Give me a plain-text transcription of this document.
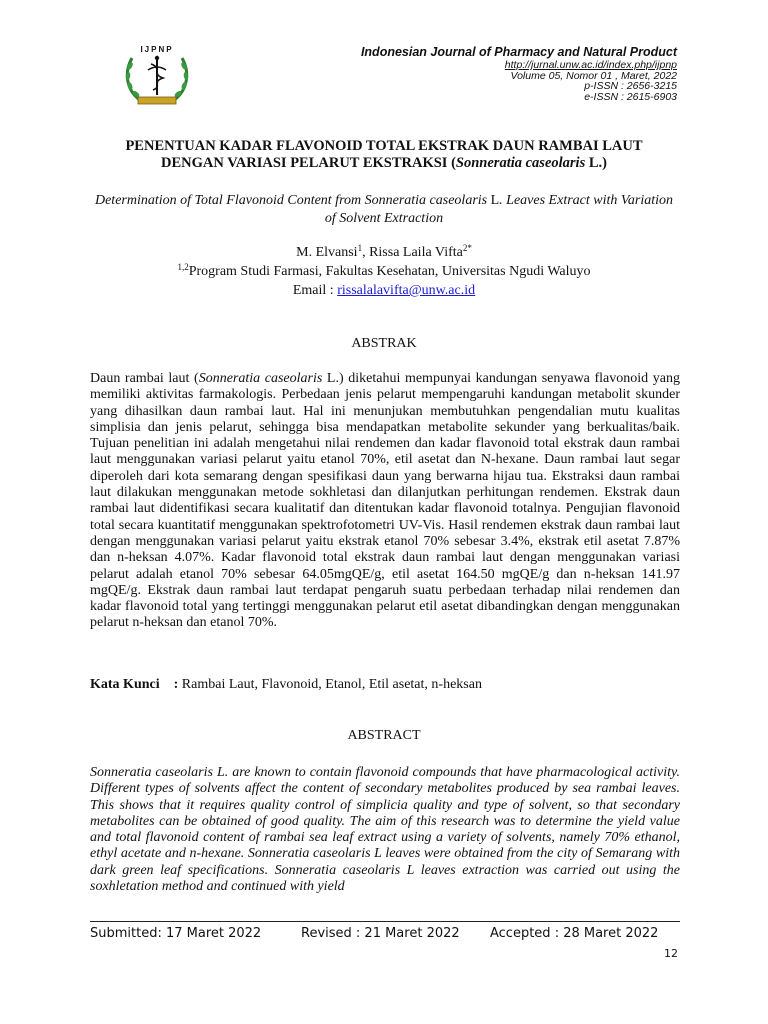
IJPNP	Indonesian Journal of Pharmacy and Natural Product
http://jurnal.unw.ac.id/index.php/ijpnp
Volume 05, Nomor 01 , Maret, 2022
p-ISSN : 2656-3215
e-ISSN : 2615-6903
PENENTUAN KADAR FLAVONOID TOTAL EKSTRAK DAUN RAMBAI LAUT
DENGAN VARIASI PELARUT EKSTRAKSI (Sonneratia caseolaris L.)
Determination of Total Flavonoid Content from Sonneratia caseolaris L. Leaves Extract with Variation of Solvent Extraction
M. Elvansi$^1$, Rissa Laila Vifta$^{2*}$
$^{1,2}$Program Studi Farmasi, Fakultas Kesehatan, Universitas Ngudi Waluyo
Email : rissalalavifta@unw.ac.id
ABSTRAK

Daun rambai laut (Sonneratia caseolaris L.) diketahui mempunyai kandungan senyawa flavonoid yang memiliki aktivitas farmakologis. Perbedaan jenis pelarut mempengaruhi kandungan metabolit skunder yang dihasilkan daun rambai laut. Hal ini menunjukan membutuhkan pengendalian mutu kualitas simplisia dan jenis pelarut, sehingga bisa mendapatkan metabolite sekunder yang berkualitas/baik. Tujuan penelitian ini adalah mengetahui nilai rendemen dan kadar flavonoid total ekstrak daun rambai laut menggunakan variasi pelarut yaitu etanol 70%, etil asetat dan N-hexane. Daun rambai laut segar diperoleh dari kota semarang dengan spesifikasi daun yang berwarna hijau tua. Ekstraksi daun rambai laut dilakukan menggunakan metode sokhletasi dan dilanjutkan perhitungan rendemen. Ekstrak daun rambai laut didentifikasi secara kualitatif dan ditentukan kadar flavonoid totalnya. Pengujian flavonoid total secara kuantitatif menggunakan spektrofotometri UV-Vis. Hasil rendemen ekstrak daun rambai laut dengan menggunakan variasi pelarut yaitu ekstrak etanol 70% sebesar 3.4%, ekstrak etil asetat 7.87% dan n-heksan 4.07%. Kadar flavonoid total ekstrak daun rambai laut dengan menggunakan variasi pelarut adalah etanol 70% sebesar 64.05mgQE/g, etil asetat 164.50 mgQE/g dan n-heksan 141.97 mgQE/g. Ekstrak daun rambai laut terdapat pengaruh suatu perbedaan terhadap nilai rendemen dan kadar flavonoid total yang tertinggi menggunakan pelarut etil asetat dibandingkan dengan menggunakan pelarut n-heksan dan etanol 70%.

Kata Kunci    : Rambai Laut, Flavonoid, Etanol, Etil asetat, n-heksan
ABSTRACT

Sonneratia caseolaris L. are known to contain flavonoid compounds that have pharmacological activity. Different types of solvents affect the content of secondary metabolites produced by sea rambai leaves. This shows that it requires quality control of simplicia quality and type of solvent, so that secondary metabolites can be obtained of good quality. The aim of this research was to determine the yield value and total flavonoid content of rambai sea leaf extract using a variety of solvents, namely 70% ethanol, ethyl acetate and n-hexane. Sonneratia caseolaris L leaves were obtained from the city of Semarang with dark green leaf specifications. Sonneratia caseolaris L leaves extraction was carried out using the soxhletation method and continued with yield

Submitted: 17 Maret 2022	Revised : 21 Maret 2022 Accepted : 28 Maret 2022
12
